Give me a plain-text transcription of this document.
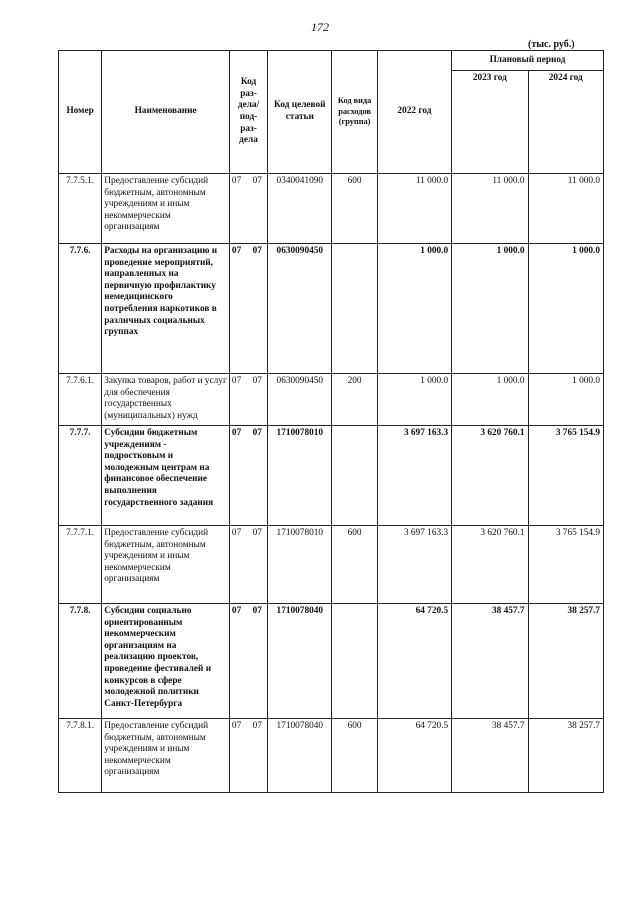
172
(тыс. руб.)
Номер	Наименование	Код раз-дела/ под-раз-дела	Код целевой статьи	Код вида расходов (группа)	2022 год	Плановый период	
						2023 год	2024 год
7.7.5.1.	Предоставление субсидий бюджетным, автономным учреждениям и иным некоммерческим организациям	07 07	0340041090	600	11 000.0	11 000.0	11 000.0
7.7.6.	Расходы на организацию и проведение мероприятий, направленных на первичную профилактику немедицинского потребления наркотиков в различных социальных группах	07 07	0630090450		1 000.0	1 000.0	1 000.0
7.7.6.1.	Закупка товаров, работ и услуг для обеспечения государственных (муниципальных) нужд	07 07	0630090450	200	1 000.0	1 000.0	1 000.0
7.7.7.	Субсидии бюджетным учреждениям - подростковым и молодежным центрам на финансовое обеспечение выполнения государственного задания	07 07	1710078010		3 697 163.3	3 620 760.1	3 765 154.9
7.7.7.1.	Предоставление субсидий бюджетным, автономным учреждениям и иным некоммерческим организациям	07 07	1710078010	600	3 697 163.3	3 620 760.1	3 765 154.9
7.7.8.	Субсидии социально ориентированным некоммерческим организациям на реализацию проектов, проведение фестивалей и конкурсов в сфере молодежной политики Санкт-Петербурга	07 07	1710078040		64 720.5	38 457.7	38 257.7
7.7.8.1.	Предоставление субсидий бюджетным, автономным учреждениям и иным некоммерческим организациям	07 07	1710078040	600	64 720.5	38 457.7	38 257.7
